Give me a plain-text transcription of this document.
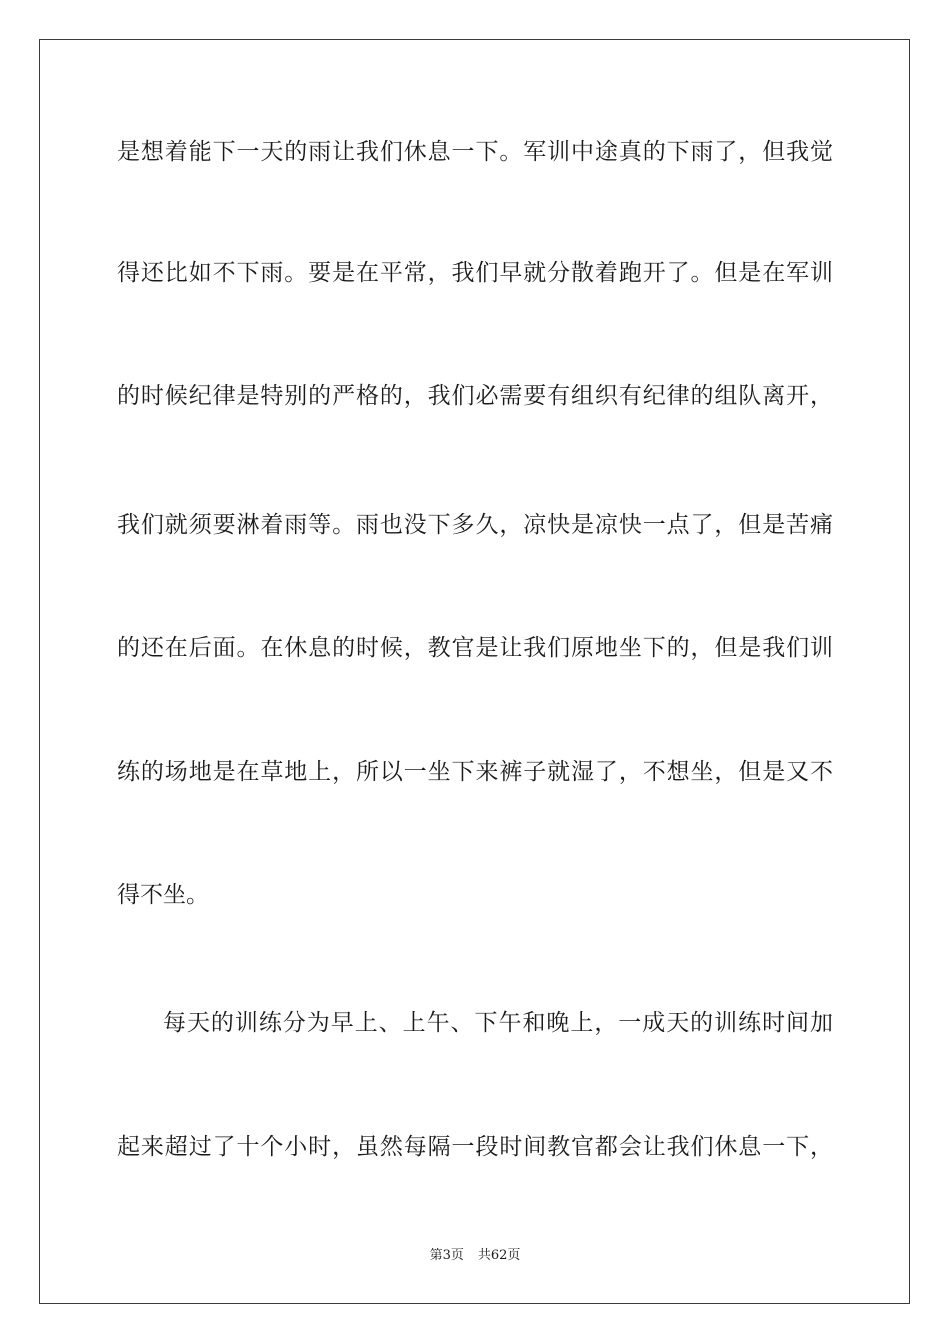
是想着能下一天的雨让我们休息一下。军训中途真的下雨了，但我觉
得还比如不下雨。要是在平常，我们早就分散着跑开了。但是在军训
的时候纪律是特别的严格的，我们必需要有组织有纪律的组队离开，
我们就须要淋着雨等。雨也没下多久，凉快是凉快一点了，但是苦痛
的还在后面。在休息的时候，教官是让我们原地坐下的，但是我们训
练的场地是在草地上，所以一坐下来裤子就湿了，不想坐，但是又不
得不坐。
每天的训练分为早上、上午、下午和晚上，一成天的训练时间加
起来超过了十个小时，虽然每隔一段时间教官都会让我们休息一下，
第3页 共62页
